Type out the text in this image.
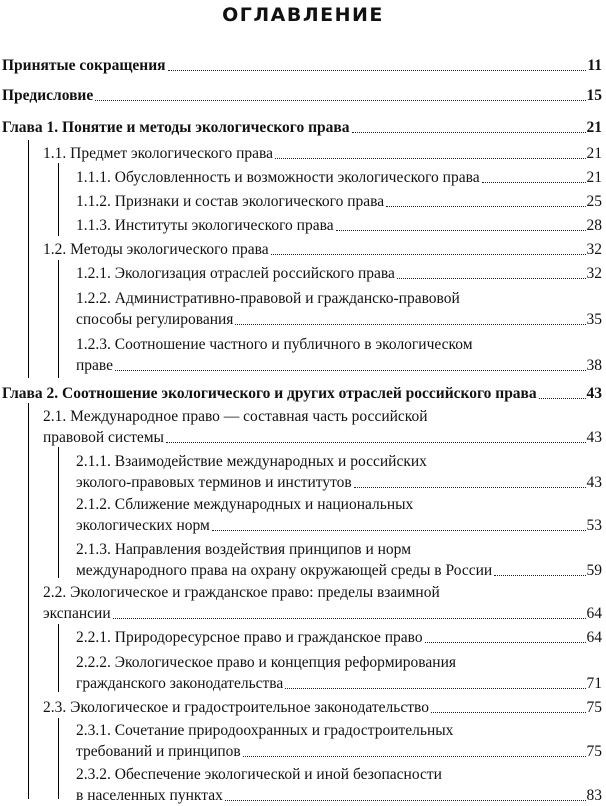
ОГЛАВЛЕНИЕ
Принятые сокращения	11
Предисловие	15
Глава 1. Понятие и методы экологического права	21
1.1. Предмет экологического права	21
1.1.1. Обусловленность и возможности экологического права	21
1.1.2. Признаки и состав экологического права	25
1.1.3. Институты экологического права	28
1.2. Методы экологического права	32
1.2.1. Экологизация отраслей российского права	32
1.2.2. Административно-правовой и гражданско-правовой
способы регулирования	35
1.2.3. Соотношение частного и публичного в экологическом
праве	38
Глава 2. Соотношение экологического и других отраслей российского права	43
2.1. Международное право — составная часть российской
правовой системы	43
2.1.1. Взаимодействие международных и российских
эколого-правовых терминов и институтов	43
2.1.2. Сближение международных и национальных
экологических норм	53
2.1.3. Направления воздействия принципов и норм
международного права на охрану окружающей среды в России	59
2.2. Экологическое и гражданское право: пределы взаимной
экспансии	64
2.2.1. Природоресурсное право и гражданское право	64
2.2.2. Экологическое право и концепция реформирования
гражданского законодательства	71
2.3. Экологическое и градостроительное законодательство	75
2.3.1. Сочетание природоохранных и градостроительных
требований и принципов	75
2.3.2. Обеспечение экологической и иной безопасности
в населенных пунктах	83
